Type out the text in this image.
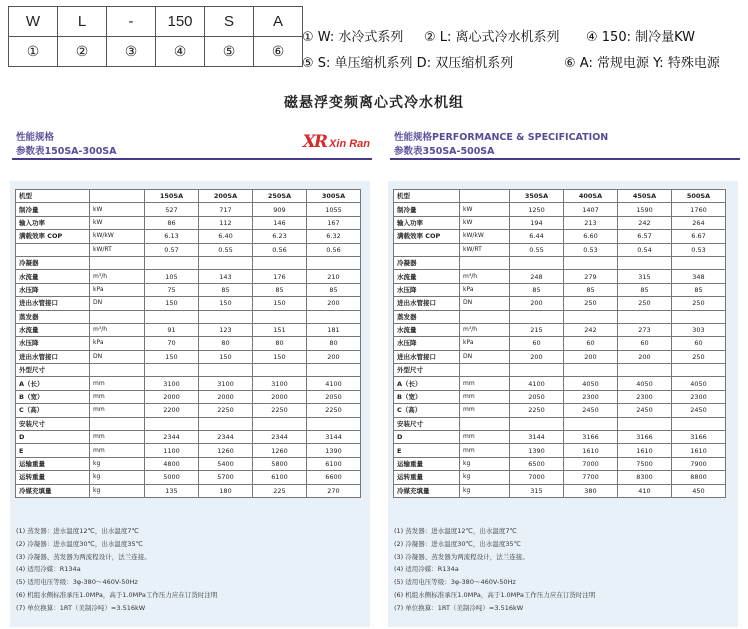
W	L	-	150	S	A
①	②	③	④	⑤	⑥
① W: 水冷式系列 ② L: 离心式冷水机系列 ④ 150: 制冷量KW
⑤ S: 单压缩机系列 D: 双压缩机系列	⑥ A: 常规电源 Y: 特殊电源
磁悬浮变频离心式冷水机组
性能规格
参数表150SA-300SA	XR Xin Ran
机型		150SA	200SA	250SA	300SA
制冷量	kW	527	717	909	1055
输入功率	kW	86	112	146	167
满载效率 COP	kW/kW	6.13	6.40	6.23	6.32
	kW/RT	0.57	0.55	0.56	0.56
冷凝器					
水流量	m³/h	105	143	176	210
水压降	kPa	75	85	85	85
进出水管接口	DN	150	150	150	200
蒸发器					
水流量	m³/h	91	123	151	181
水压降	kPa	70	80	80	80
进出水管接口	DN	150	150	150	200
外型尺寸					
A（长）	mm	3100	3100	3100	4100
B（宽）	mm	2000	2000	2000	2050
C（高）	mm	2200	2250	2250	2250
安装尺寸					
D	mm	2344	2344	2344	3144
E	mm	1100	1260	1260	1390
运输重量	kg	4800	5400	5800	6100
运转重量	kg	5000	5700	6100	6600
冷媒充填量	kg	135	180	225	270
(1) 蒸发器：进水温度12℃，出水温度7℃
(2) 冷凝器：进水温度30℃，出水温度35℃
(3) 冷凝器、蒸发器为两流程设计，法兰连接。
(4) 适用冷媒：R134a
(5) 适用电压等级：3φ-380～460V-50Hz
(6) 机组水侧标准承压1.0MPa，高于1.0MPa工作压力应在订货时注明
(7) 单位换算：1RT（美制冷吨）=3.516kW
性能规格PERFORMANCE & SPECIFICATION
参数表350SA-500SA
机型		350SA	400SA	450SA	500SA
制冷量	kW	1250	1407	1590	1760
输入功率	kW	194	213	242	264
满载效率 COP	kW/kW	6.44	6.60	6.57	6.67
	kW/RT	0.55	0.53	0.54	0.53
冷凝器					
水流量	m³/h	248	279	315	348
水压降	kPa	85	85	85	85
进出水管接口	DN	200	250	250	250
蒸发器					
水流量	m³/h	215	242	273	303
水压降	kPa	60	60	60	60
进出水管接口	DN	200	200	200	250
外型尺寸					
A（长）	mm	4100	4050	4050	4050
B（宽）	mm	2050	2300	2300	2300
C（高）	mm	2250	2450	2450	2450
安装尺寸					
D	mm	3144	3166	3166	3166
E	mm	1390	1610	1610	1610
运输重量	kg	6500	7000	7500	7900
运转重量	kg	7000	7700	8300	8800
冷媒充填量	kg	315	380	410	450
(1) 蒸发器：进水温度12℃，出水温度7℃
(2) 冷凝器：进水温度30℃，出水温度35℃
(3) 冷凝器、蒸发器为两流程设计，法兰连接。
(4) 适用冷媒：R134a
(5) 适用电压等级：3φ-380～460V-50Hz
(6) 机组水侧标准承压1.0MPa，高于1.0MPa工作压力应在订货时注明
(7) 单位换算：1RT（美制冷吨）=3.516kW
